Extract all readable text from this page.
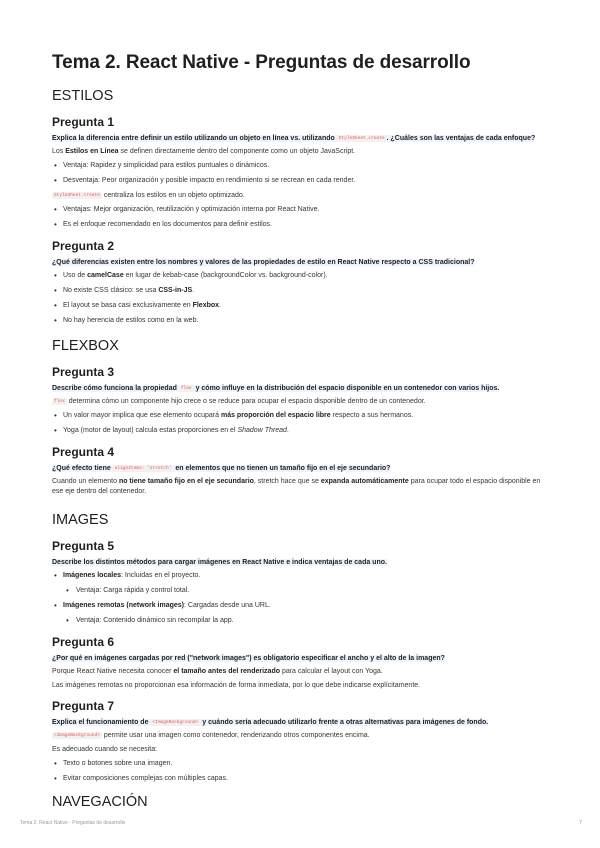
Tema 2. React Native - Preguntas de desarrollo
ESTILOS
Pregunta 1
Explica la diferencia entre definir un estilo utilizando un objeto en línea vs. utilizando StyleSheet.create . ¿Cuáles son las ventajas de cada enfoque?
Los Estilos en Línea se definen directamente dentro del componente como un objeto JavaScript.
• Ventaja: Rapidez y simplicidad para estilos puntuales o dinámicos.
• Desventaja: Peor organización y posible impacto en rendimiento si se recrean en cada render.
StyleSheet.create centraliza los estilos en un objeto optimizado.
• Ventajas: Mejor organización, reutilización y optimización interna por React Native.
• Es el enfoque recomendado en los documentos para definir estilos.
Pregunta 2
¿Qué diferencias existen entre los nombres y valores de las propiedades de estilo en React Native respecto a CSS tradicional?
• Uso de camelCase en lugar de kebab-case (backgroundColor vs. background-color).
• No existe CSS clásico: se usa CSS-in-JS.
• El layout se basa casi exclusivamente en Flexbox.
• No hay herencia de estilos como en la web.
FLEXBOX
Pregunta 3
Describe cómo funciona la propiedad flex y cómo influye en la distribución del espacio disponible en un contenedor con varios hijos.
flex determina cómo un componente hijo crece o se reduce para ocupar el espacio disponible dentro de un contenedor.
• Un valor mayor implica que ese elemento ocupará más proporción del espacio libre respecto a sus hermanos.
• Yoga (motor de layout) calcula estas proporciones en el Shadow Thread.
Pregunta 4
¿Qué efecto tiene alignItems: 'stretch' en elementos que no tienen un tamaño fijo en el eje secundario?
Cuando un elemento no tiene tamaño fijo en el eje secundario, stretch hace que se expanda automáticamente para ocupar todo el espacio disponible en ese eje dentro del contenedor.
IMAGES
Pregunta 5
Describe los distintos métodos para cargar imágenes en React Native e indica ventajas de cada uno.
• Imágenes locales: Incluidas en el proyecto.
• Ventaja: Carga rápida y control total.
• Imágenes remotas (network images): Cargadas desde una URL.
• Ventaja: Contenido dinámico sin recompilar la app.
Pregunta 6
¿Por qué en imágenes cargadas por red ("network images") es obligatorio especificar el ancho y el alto de la imagen?
Porque React Native necesita conocer el tamaño antes del renderizado para calcular el layout con Yoga.
Las imágenes remotas no proporcionan esa información de forma inmediata, por lo que debe indicarse explícitamente.
Pregunta 7
Explica el funcionamiento de <ImageBackground> y cuándo sería adecuado utilizarlo frente a otras alternativas para imágenes de fondo.
<ImageBackground> permite usar una imagen como contenedor, renderizando otros componentes encima.
Es adecuado cuando se necesita:
• Texto o botones sobre una imagen.
• Evitar composiciones complejas con múltiples capas.
NAVEGACIÓN
Tema 2. React Native - Preguntas de desarrollo	7
